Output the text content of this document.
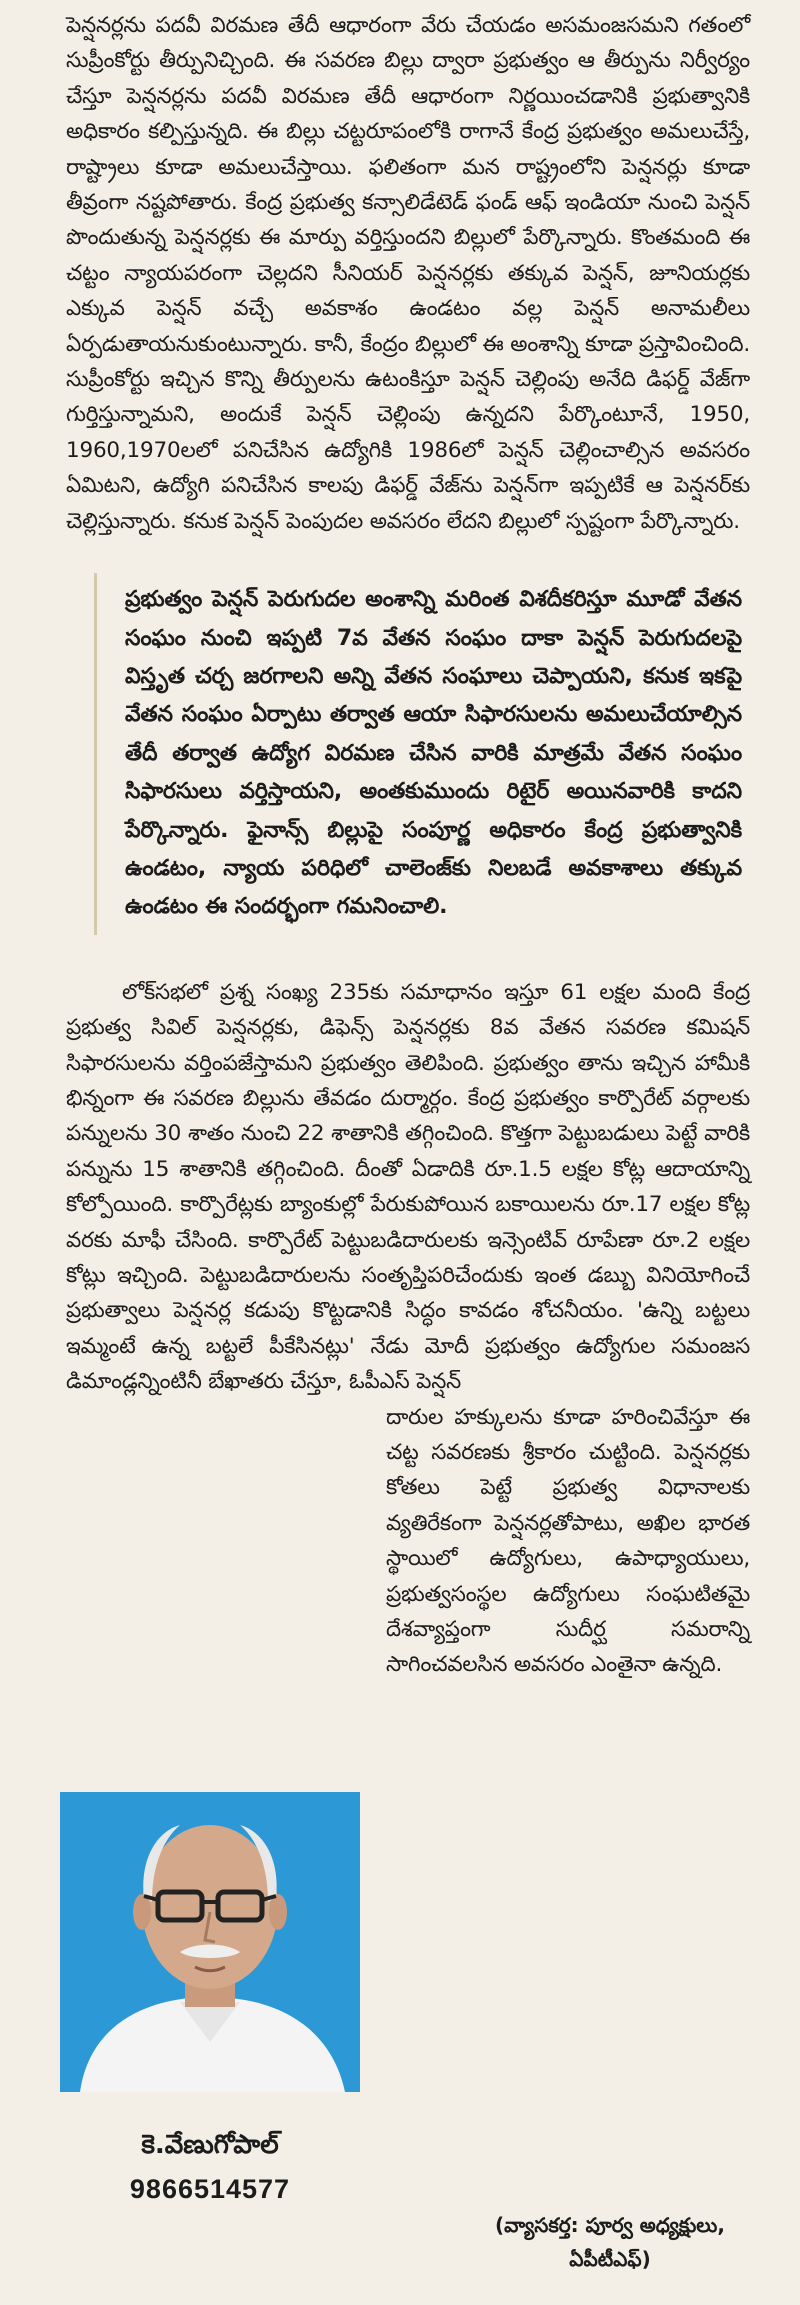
పెన్షనర్లను పదవీ విరమణ తేదీ ఆధారంగా వేరు చేయడం అసమంజసమని గతంలో సుప్రీంకోర్టు తీర్పునిచ్చింది. ఈ సవరణ బిల్లు ద్వారా ప్రభుత్వం ఆ తీర్పును నిర్వీర్యం చేస్తూ పెన్షనర్లను పదవీ విరమణ తేదీ ఆధారంగా నిర్ణయించడానికి ప్రభుత్వానికి అధికారం కల్పిస్తున్నది. ఈ బిల్లు చట్టరూపంలోకి రాగానే కేంద్ర ప్రభుత్వం అమలుచేస్తే, రాష్ట్రాలు కూడా అమలుచేస్తాయి. ఫలితంగా మన రాష్ట్రంలోని పెన్షనర్లు కూడా తీవ్రంగా నష్టపోతారు. కేంద్ర ప్రభుత్వ కన్సాలిడేటెడ్ ఫండ్ ఆఫ్ ఇండియా నుంచి పెన్షన్ పొందుతున్న పెన్షనర్లకు ఈ మార్పు వర్తిస్తుందని బిల్లులో పేర్కొన్నారు. కొంతమంది ఈ చట్టం న్యాయపరంగా చెల్లదని సీనియర్ పెన్షనర్లకు తక్కువ పెన్షన్, జూనియర్లకు ఎక్కువ పెన్షన్ వచ్చే అవకాశం ఉండటం వల్ల పెన్షన్ అనామలీలు ఏర్పడుతాయనుకుంటున్నారు. కానీ, కేంద్రం బిల్లులో ఈ అంశాన్ని కూడా ప్రస్తావించింది. సుప్రీంకోర్టు ఇచ్చిన కొన్ని తీర్పులను ఉటంకిస్తూ పెన్షన్ చెల్లింపు అనేది డిఫర్డ్ వేజ్‌గా గుర్తిస్తున్నామని, అందుకే పెన్షన్ చెల్లింపు ఉన్నదని పేర్కొంటూనే, 1950, 1960,1970లలో పనిచేసిన ఉద్యోగికి 1986లో పెన్షన్ చెల్లించాల్సిన అవసరం ఏమిటని, ఉద్యోగి పనిచేసిన కాలపు డిఫర్డ్ వేజ్‌ను పెన్షన్‌గా ఇప్పటికే ఆ పెన్షనర్‌కు చెల్లిస్తున్నారు. కనుక పెన్షన్ పెంపుదల అవసరం లేదని బిల్లులో స్పష్టంగా పేర్కొన్నారు.

ప్రభుత్వం పెన్షన్ పెరుగుదల అంశాన్ని మరింత విశదీకరిస్తూ మూడో వేతన సంఘం నుంచి ఇప్పటి 7వ వేతన సంఘం దాకా పెన్షన్ పెరుగుదలపై విస్తృత చర్చ జరగాలని అన్ని వేతన సంఘాలు చెప్పాయని, కనుక ఇకపై వేతన సంఘం ఏర్పాటు తర్వాత ఆయా సిఫారసులను అమలుచేయాల్సిన తేదీ తర్వాత ఉద్యోగ విరమణ చేసిన వారికి మాత్రమే వేతన సంఘం సిఫారసులు వర్తిస్తాయని, అంతకుముందు రిటైర్ అయినవారికి కాదని పేర్కొన్నారు. ఫైనాన్స్ బిల్లుపై సంపూర్ణ అధికారం కేంద్ర ప్రభుత్వానికి ఉండటం, న్యాయ పరిధిలో చాలెంజ్‌కు నిలబడే అవకాశాలు తక్కువ ఉండటం ఈ సందర్భంగా గమనించాలి.

లోక్‌సభలో ప్రశ్న సంఖ్య 235కు సమాధానం ఇస్తూ 61 లక్షల మంది కేంద్ర ప్రభుత్వ సివిల్ పెన్షనర్లకు, డిఫెన్స్ పెన్షనర్లకు 8వ వేతన సవరణ కమిషన్ సిఫారసులను వర్తింపజేస్తామని ప్రభుత్వం తెలిపింది. ప్రభుత్వం తాను ఇచ్చిన హామీకి భిన్నంగా ఈ సవరణ బిల్లును తేవడం దుర్మార్గం. కేంద్ర ప్రభుత్వం కార్పొరేట్ వర్గాలకు పన్నులను 30 శాతం నుంచి 22 శాతానికి తగ్గించింది. కొత్తగా పెట్టుబడులు పెట్టే వారికి పన్నును 15 శాతానికి తగ్గించింది. దీంతో ఏడాదికి రూ.1.5 లక్షల కోట్ల ఆదాయాన్ని కోల్పోయింది. కార్పొరేట్లకు బ్యాంకుల్లో పేరుకుపోయిన బకాయిలను రూ.17 లక్షల కోట్ల వరకు మాఫీ చేసింది. కార్పొరేట్ పెట్టుబడిదారులకు ఇన్సెంటివ్ రూపేణా రూ.2 లక్షల కోట్లు ఇచ్చింది. పెట్టుబడిదారులను సంతృప్తిపరిచేందుకు ఇంత డబ్బు వినియోగించే ప్రభుత్వాలు పెన్షనర్ల కడుపు కొట్టడానికి సిద్ధం కావడం శోచనీయం. 'ఉన్ని బట్టలు ఇమ్మంటే ఉన్న బట్టలే పీకేసినట్లు' నేడు మోదీ ప్రభుత్వం ఉద్యోగుల సమంజస డిమాండ్లన్నింటినీ బేఖాతరు చేస్తూ, ఓపీఎస్ పెన్షన్

దారుల హక్కులను కూడా హరించివేస్తూ ఈ చట్ట సవరణకు శ్రీకారం చుట్టింది. పెన్షనర్లకు కోతలు పెట్టే ప్రభుత్వ విధానాలకు వ్యతిరేకంగా పెన్షనర్లతోపాటు, అఖిల భారత స్థాయిలో ఉద్యోగులు, ఉపాధ్యాయులు, ప్రభుత్వసంస్థల ఉద్యోగులు సంఘటితమై దేశవ్యాప్తంగా సుదీర్ఘ సమరాన్ని సాగించవలసిన అవసరం ఎంతైనా ఉన్నది.

కె.వేణుగోపాల్
9866514577
(వ్యాసకర్త: పూర్వ అధ్యక్షులు, ఏపీటీఎఫ్)
